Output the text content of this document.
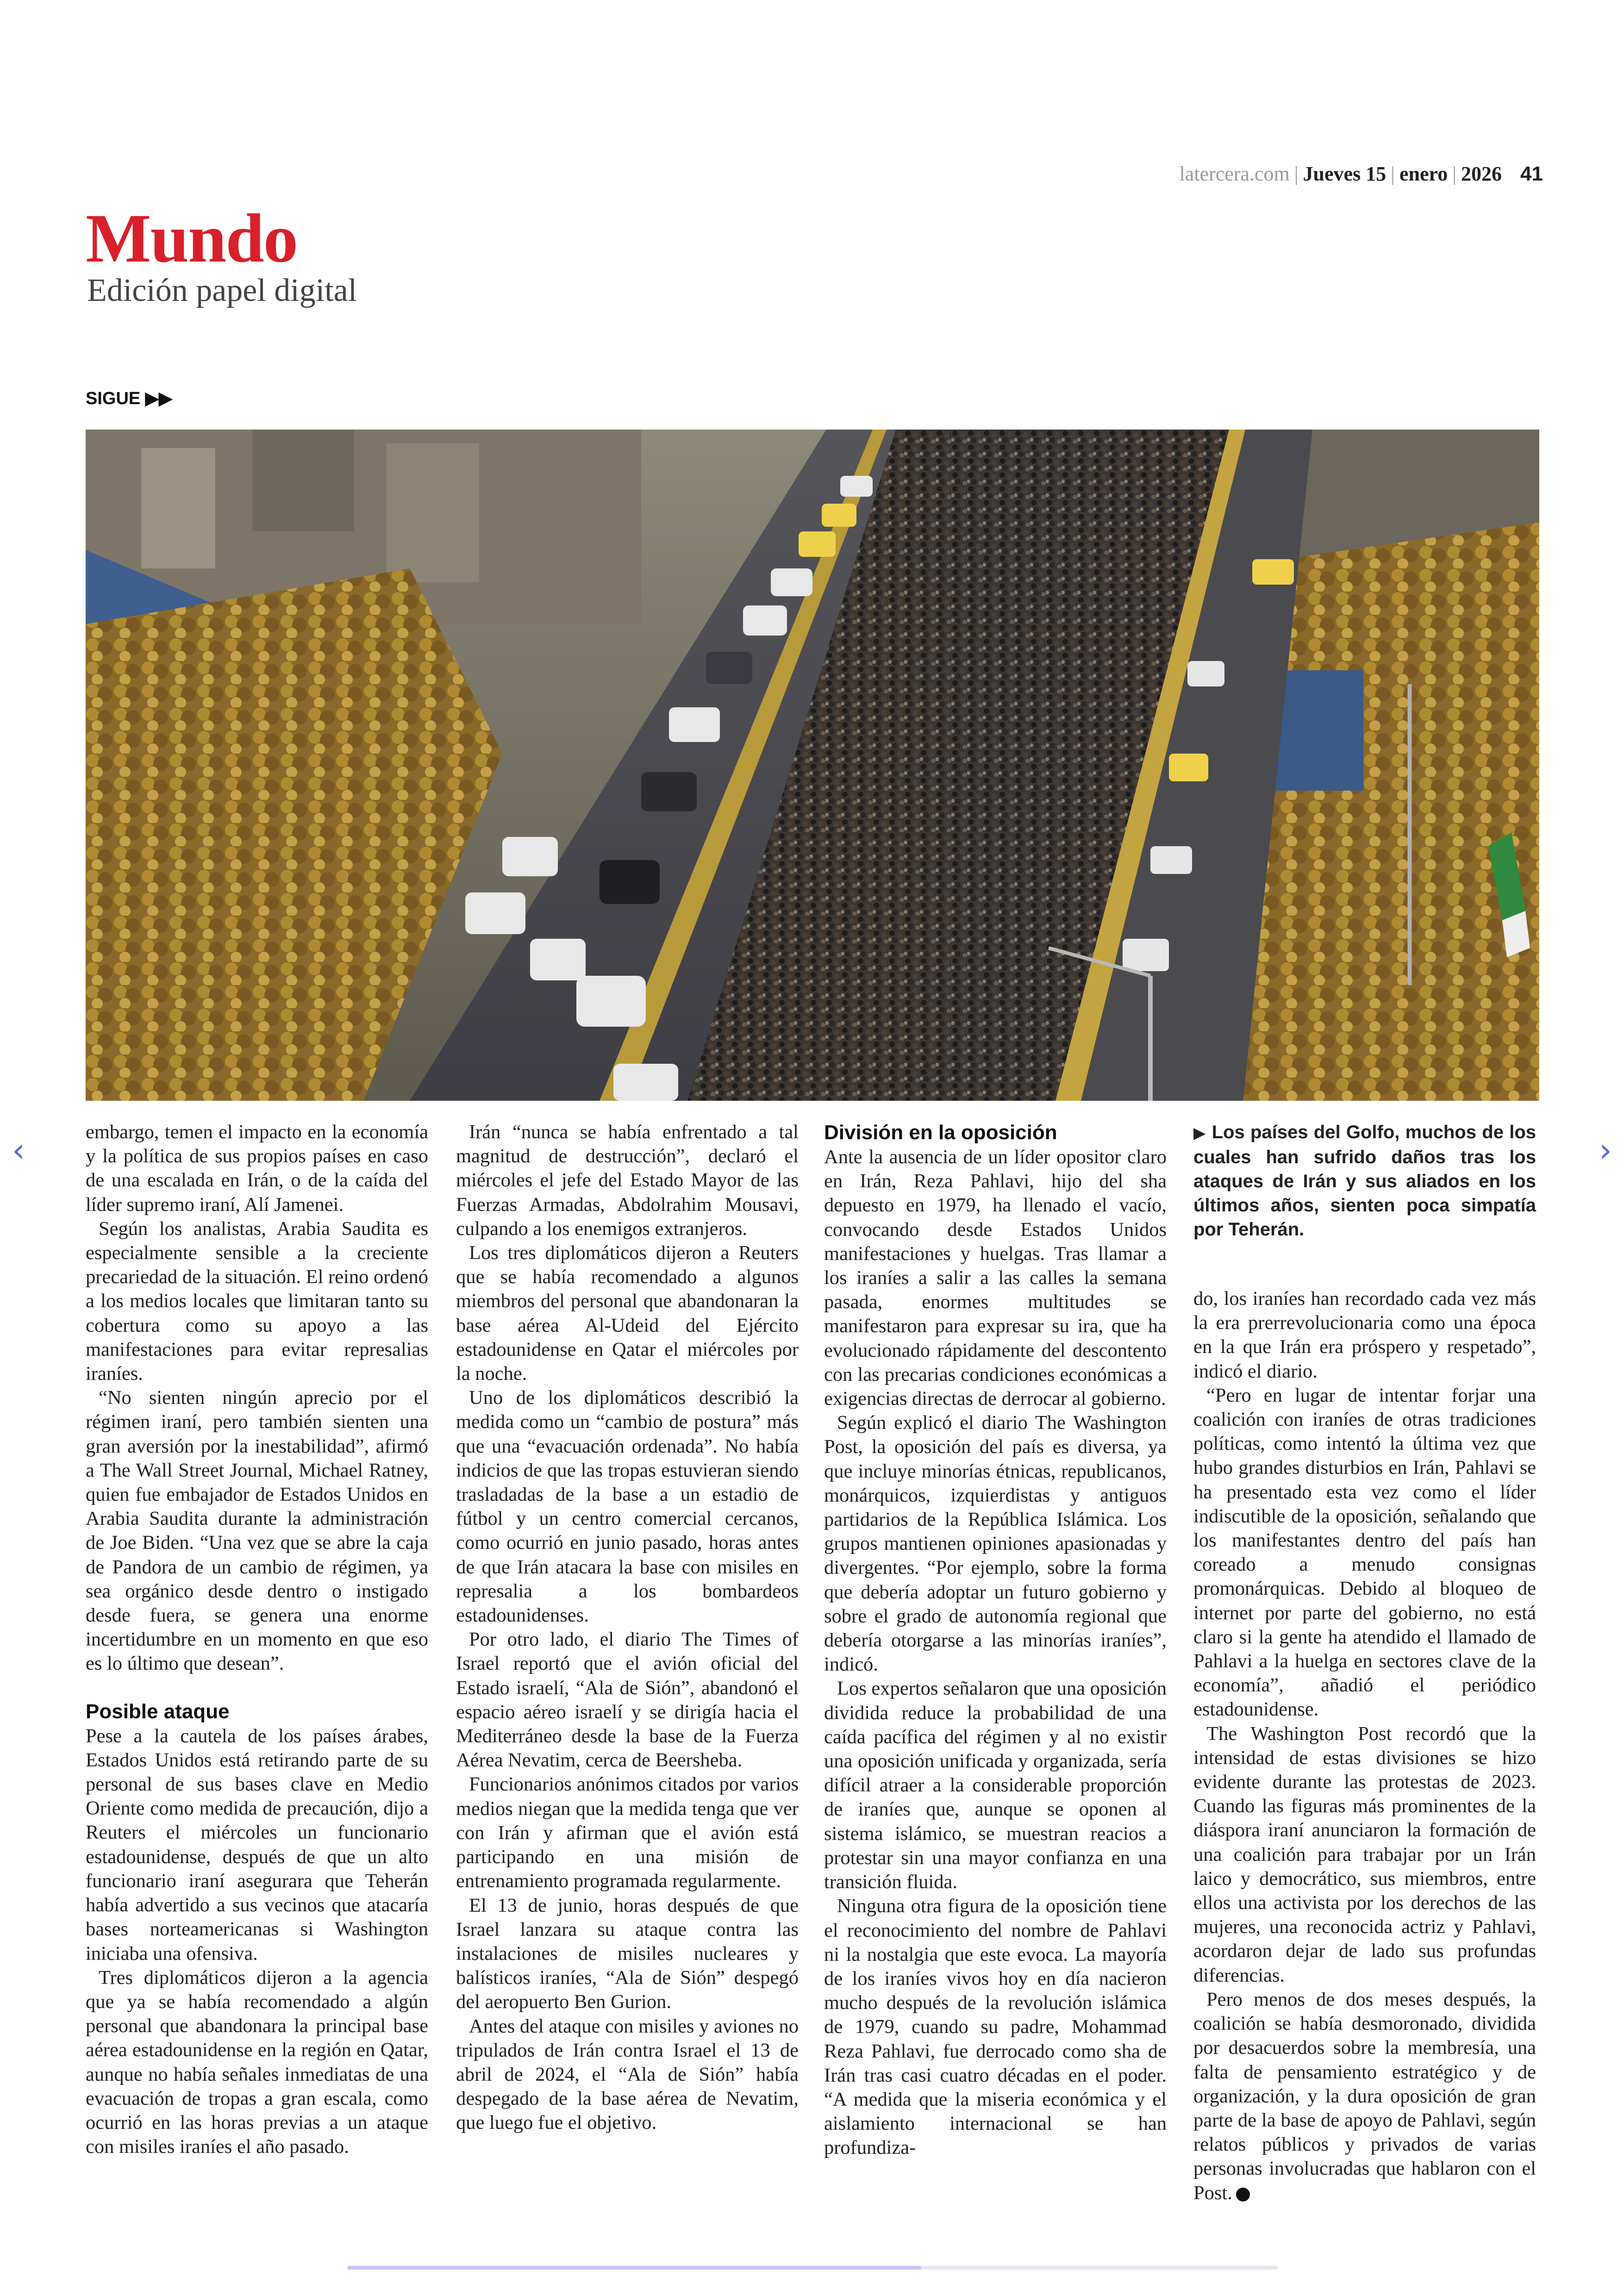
‹	›
latercera.com | Jueves 15 | enero | 2026 41
Mundo
Edición papel digital
SIGUE ▶▶

embargo, temen el impacto en la economía y la política de sus propios países en caso de una escalada en Irán, o de la caída del líder supremo iraní, Alí Jamenei.

Según los analistas, Arabia Saudita es especialmente sensible a la creciente precariedad de la situación. El reino ordenó a los medios locales que limitaran tanto su cobertura como su apoyo a las manifestaciones para evitar represalias iraníes.

“No sienten ningún aprecio por el régimen iraní, pero también sienten una gran aversión por la inestabilidad”, afirmó a The Wall Street Journal, Michael Ratney, quien fue embajador de Estados Unidos en Arabia Saudita durante la administración de Joe Biden. “Una vez que se abre la caja de Pandora de un cambio de régimen, ya sea orgánico desde dentro o instigado desde fuera, se genera una enorme incertidumbre en un momento en que eso es lo último que desean”.

Posible ataque

Pese a la cautela de los países árabes, Estados Unidos está retirando parte de su personal de sus bases clave en Medio Oriente como medida de precaución, dijo a Reuters el miércoles un funcionario estadounidense, después de que un alto funcionario iraní asegurara que Teherán había advertido a sus vecinos que atacaría bases norteamericanas si Washington iniciaba una ofensiva.

Tres diplomáticos dijeron a la agencia que ya se había recomendado a algún personal que abandonara la principal base aérea estadounidense en la región en Qatar, aunque no había señales inmediatas de una evacuación de tropas a gran escala, como ocurrió en las horas previas a un ataque con misiles iraníes el año pasado.

Irán “nunca se había enfrentado a tal magnitud de destrucción”, declaró el miércoles el jefe del Estado Mayor de las Fuerzas Armadas, Abdolrahim Mousavi, culpando a los enemigos extranjeros.

Los tres diplomáticos dijeron a Reuters que se había recomendado a algunos miembros del personal que abandonaran la base aérea Al-Udeid del Ejército estadounidense en Qatar el miércoles por la noche.

Uno de los diplomáticos describió la medida como un “cambio de postura” más que una “evacuación ordenada”. No había indicios de que las tropas estuvieran siendo trasladadas de la base a un estadio de fútbol y un centro comercial cercanos, como ocurrió en junio pasado, horas antes de que Irán atacara la base con misiles en represalia a los bombardeos estadounidenses.

Por otro lado, el diario The Times of Israel reportó que el avión oficial del Estado israelí, “Ala de Sión”, abandonó el espacio aéreo israelí y se dirigía hacia el Mediterráneo desde la base de la Fuerza Aérea Nevatim, cerca de Beersheba.

Funcionarios anónimos citados por varios medios niegan que la medida tenga que ver con Irán y afirman que el avión está participando en una misión de entrenamiento programada regularmente.

El 13 de junio, horas después de que Israel lanzara su ataque contra las instalaciones de misiles nucleares y balísticos iraníes, “Ala de Sión” despegó del aeropuerto Ben Gurion.

Antes del ataque con misiles y aviones no tripulados de Irán contra Israel el 13 de abril de 2024, el “Ala de Sión” había despegado de la base aérea de Nevatim, que luego fue el objetivo.

División en la oposición

Ante la ausencia de un líder opositor claro en Irán, Reza Pahlavi, hijo del sha depuesto en 1979, ha llenado el vacío, convocando desde Estados Unidos manifestaciones y huelgas. Tras llamar a los iraníes a salir a las calles la semana pasada, enormes multitudes se manifestaron para expresar su ira, que ha evolucionado rápidamente del descontento con las precarias condiciones económicas a exigencias directas de derrocar al gobierno.

Según explicó el diario The Washington Post, la oposición del país es diversa, ya que incluye minorías étnicas, republicanos, monárquicos, izquierdistas y antiguos partidarios de la República Islámica. Los grupos mantienen opiniones apasionadas y divergentes. “Por ejemplo, sobre la forma que debería adoptar un futuro gobierno y sobre el grado de autonomía regional que debería otorgarse a las minorías iraníes”, indicó.

Los expertos señalaron que una oposición dividida reduce la probabilidad de una caída pacífica del régimen y al no existir una oposición unificada y organizada, sería difícil atraer a la considerable proporción de iraníes que, aunque se oponen al sistema islámico, se muestran reacios a protestar sin una mayor confianza en una transición fluida.

Ninguna otra figura de la oposición tiene el reconocimiento del nombre de Pahlavi ni la nostalgia que este evoca. La mayoría de los iraníes vivos hoy en día nacieron mucho después de la revolución islámica de 1979, cuando su padre, Mohammad Reza Pahlavi, fue derrocado como sha de Irán tras casi cuatro décadas en el poder. “A medida que la miseria económica y el aislamiento internacional se han profundiza-

▶ Los países del Golfo, muchos de los cuales han sufrido daños tras los ataques de Irán y sus aliados en los últimos años, sienten poca simpatía por Teherán.

do, los iraníes han recordado cada vez más la era prerrevolucionaria como una época en la que Irán era próspero y respetado”, indicó el diario.

“Pero en lugar de intentar forjar una coalición con iraníes de otras tradiciones políticas, como intentó la última vez que hubo grandes disturbios en Irán, Pahlavi se ha presentado esta vez como el líder indiscutible de la oposición, señalando que los manifestantes dentro del país han coreado a menudo consignas promonárquicas. Debido al bloqueo de internet por parte del gobierno, no está claro si la gente ha atendido el llamado de Pahlavi a la huelga en sectores clave de la economía”, añadió el periódico estadounidense.

The Washington Post recordó que la intensidad de estas divisiones se hizo evidente durante las protestas de 2023. Cuando las figuras más prominentes de la diáspora iraní anunciaron la formación de una coalición para trabajar por un Irán laico y democrático, sus miembros, entre ellos una activista por los derechos de las mujeres, una reconocida actriz y Pahlavi, acordaron dejar de lado sus profundas diferencias.

Pero menos de dos meses después, la coalición se había desmoronado, dividida por desacuerdos sobre la membresía, una falta de pensamiento estratégico y de organización, y la dura oposición de gran parte de la base de apoyo de Pahlavi, según relatos públicos y privados de varias personas involucradas que hablaron con el Post.
